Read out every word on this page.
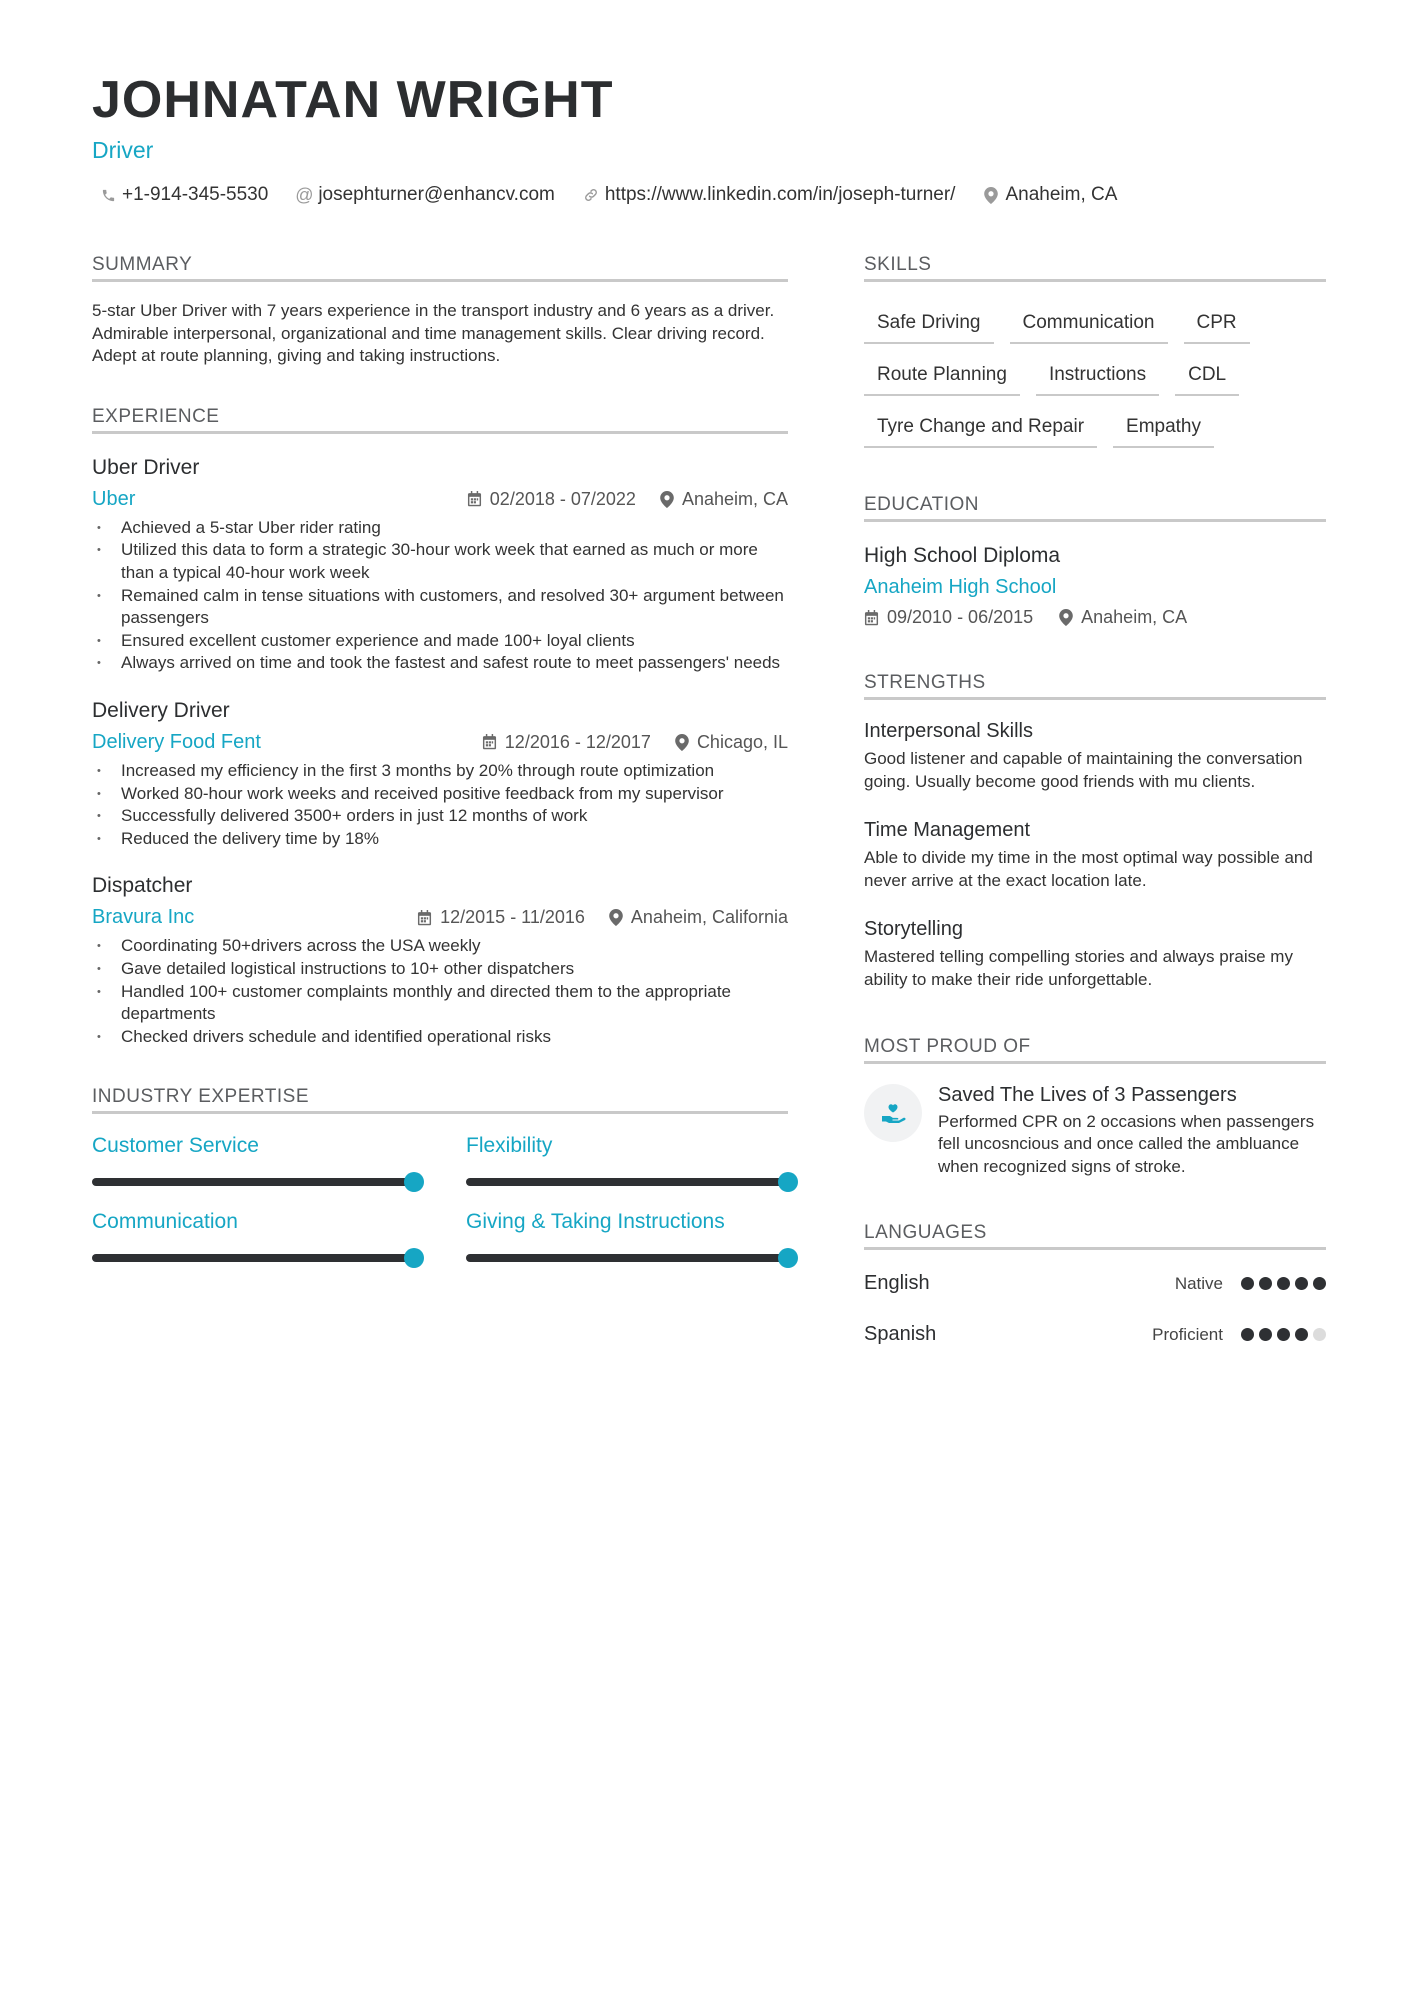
JOHNATAN WRIGHT
Driver
+1-914-345-5530 @ josephturner@enhancv.com	https://www.linkedin.com/in/joseph-turner/	Anaheim, CA
SUMMARY
5-star Uber Driver with 7 years experience in the transport industry and 6 years as a driver. Admirable interpersonal, organizational and time management skills. Clear driving record. Adept at route planning, giving and taking instructions.
EXPERIENCE
Uber Driver
Uber	02/2018 - 07/2022	Anaheim, CA
• Achieved a 5-star Uber rider rating
• Utilized this data to form a strategic 30-hour work week that earned as much or more than a typical 40-hour work week
• Remained calm in tense situations with customers, and resolved 30+ argument between passengers
• Ensured excellent customer experience and made 100+ loyal clients
• Always arrived on time and took the fastest and safest route to meet passengers' needs
Delivery Driver
Delivery Food Fent	12/2016 - 12/2017	Chicago, IL
• Increased my efficiency in the first 3 months by 20% through route optimization
• Worked 80-hour work weeks and received positive feedback from my supervisor
• Successfully delivered 3500+ orders in just 12 months of work
• Reduced the delivery time by 18%
Dispatcher
Bravura Inc	12/2015 - 11/2016	Anaheim, California
• Coordinating 50+drivers across the USA weekly
• Gave detailed logistical instructions to 10+ other dispatchers
• Handled 100+ customer complaints monthly and directed them to the appropriate departments
• Checked drivers schedule and identified operational risks
INDUSTRY EXPERTISE
Customer Service	Flexibility
Communication	Giving & Taking Instructions
SKILLS
Safe Driving	Communication	CPR
Route Planning	Instructions	CDL
Tyre Change and Repair	Empathy
EDUCATION
High School Diploma
Anaheim High School
09/2010 - 06/2015	Anaheim, CA
STRENGTHS
Interpersonal Skills
Good listener and capable of maintaining the conversation going. Usually become good friends with mu clients.
Time Management
Able to divide my time in the most optimal way possible and never arrive at the exact location late.
Storytelling
Mastered telling compelling stories and always praise my ability to make their ride unforgettable.
MOST PROUD OF
Saved The Lives of 3 Passengers
Performed CPR on 2 occasions when passengers fell uncosncious and once called the ambluance when recognized signs of stroke.
LANGUAGES
English	Native
Spanish	Proficient
